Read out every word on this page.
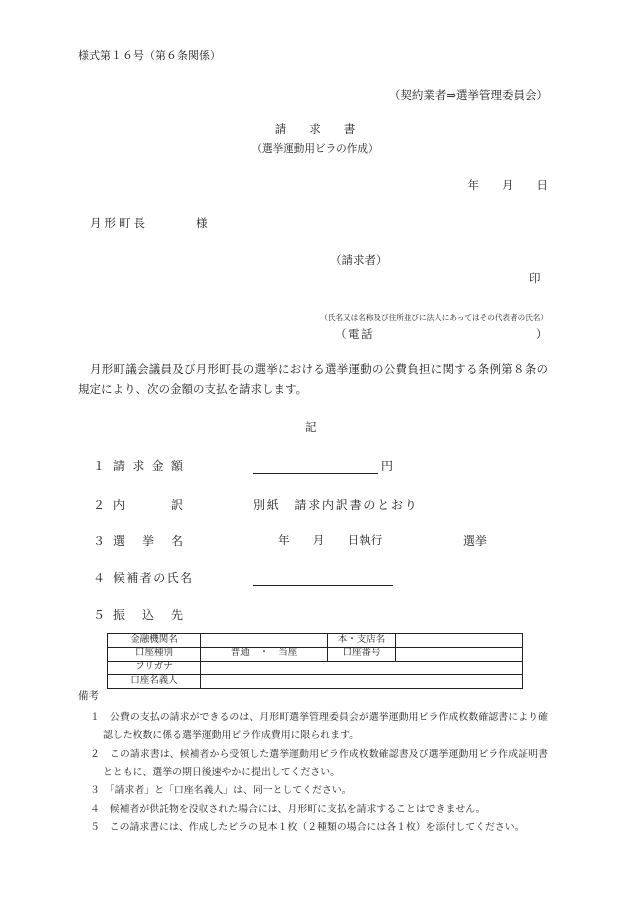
様式第１６号（第６条関係）
（契約業者⇒選挙管理委員会）
請　　求　　書
（選挙運動用ビラの作成）
年　　月　　日
月形町長	様
（請求者）
印
（氏名又は名称及び住所並びに法人にあってはその代表者の氏名）
（電話	）
月形町議会議員及び月形町長の選挙における選挙運動の公費負担に関する条例第８条の
規定により、次の金額の支払を請求します。
記
１ 請求金額	円
２ 内　　訳	別紙　請求内訳書のとおり
３ 選　挙　名	年　　月　　日執行	選挙
４ 候補者の氏名
５ 振　込　先
金融機関名		本・支店名	
口座種別	普通　・　当座	口座番号	
フリガナ			
口座名義人			
備考
１　公費の支払の請求ができるのは、月形町選挙管理委員会が選挙運動用ビラ作成枚数確認書により確
認した枚数に係る選挙運動用ビラ作成費用に限られます。
２　この請求書は、候補者から受領した選挙運動用ビラ作成枚数確認書及び選挙運動用ビラ作成証明書
とともに、選挙の期日後速やかに提出してください。
３　「請求者」と「口座名義人」は、同一としてください。
４　候補者が供託物を没収された場合には、月形町に支払を請求することはできません。
５　この請求書には、作成したビラの見本１枚（２種類の場合には各１枚）を添付してください。
